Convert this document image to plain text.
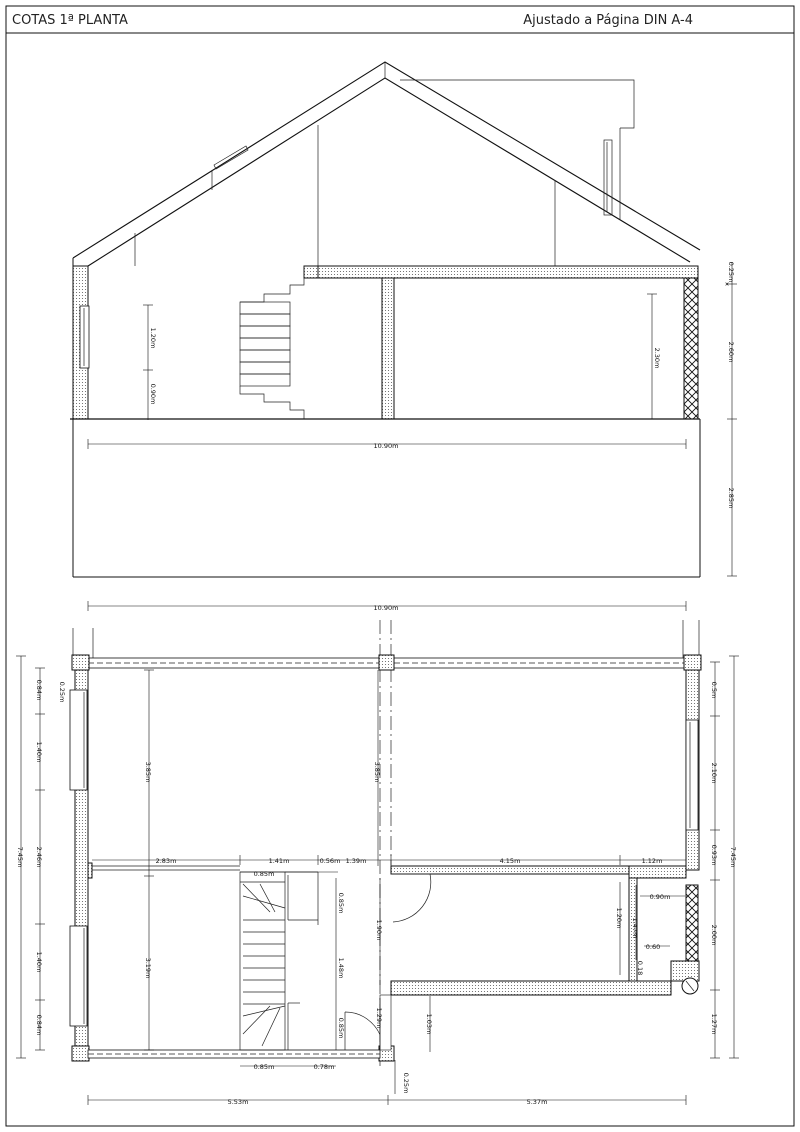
COTAS 1ª PLANTA	Ajustado a Página DIN A-4
0.25m
2.60m
2.85m
10.90m
1.20m
0.90m
2.30m
10.90m
5.53m	5.37m
7.45m
0.84m 0.25m
1.40m
2.46m
1.40m
0.84m
0.5m
2.10m
0.93m
2.00m
1.27m
7.45m
3.85m	3.85m
3.19m
2.83m	1.41m	0.56m 1.39m	4.15m	1.12m
0.85m
0.85m
1.48m
0.85m
0.85m	0.78m
1.90m
1.29m	1.03m
0.90m
1.20m 1.47m
0.60
0.18
0.25m
